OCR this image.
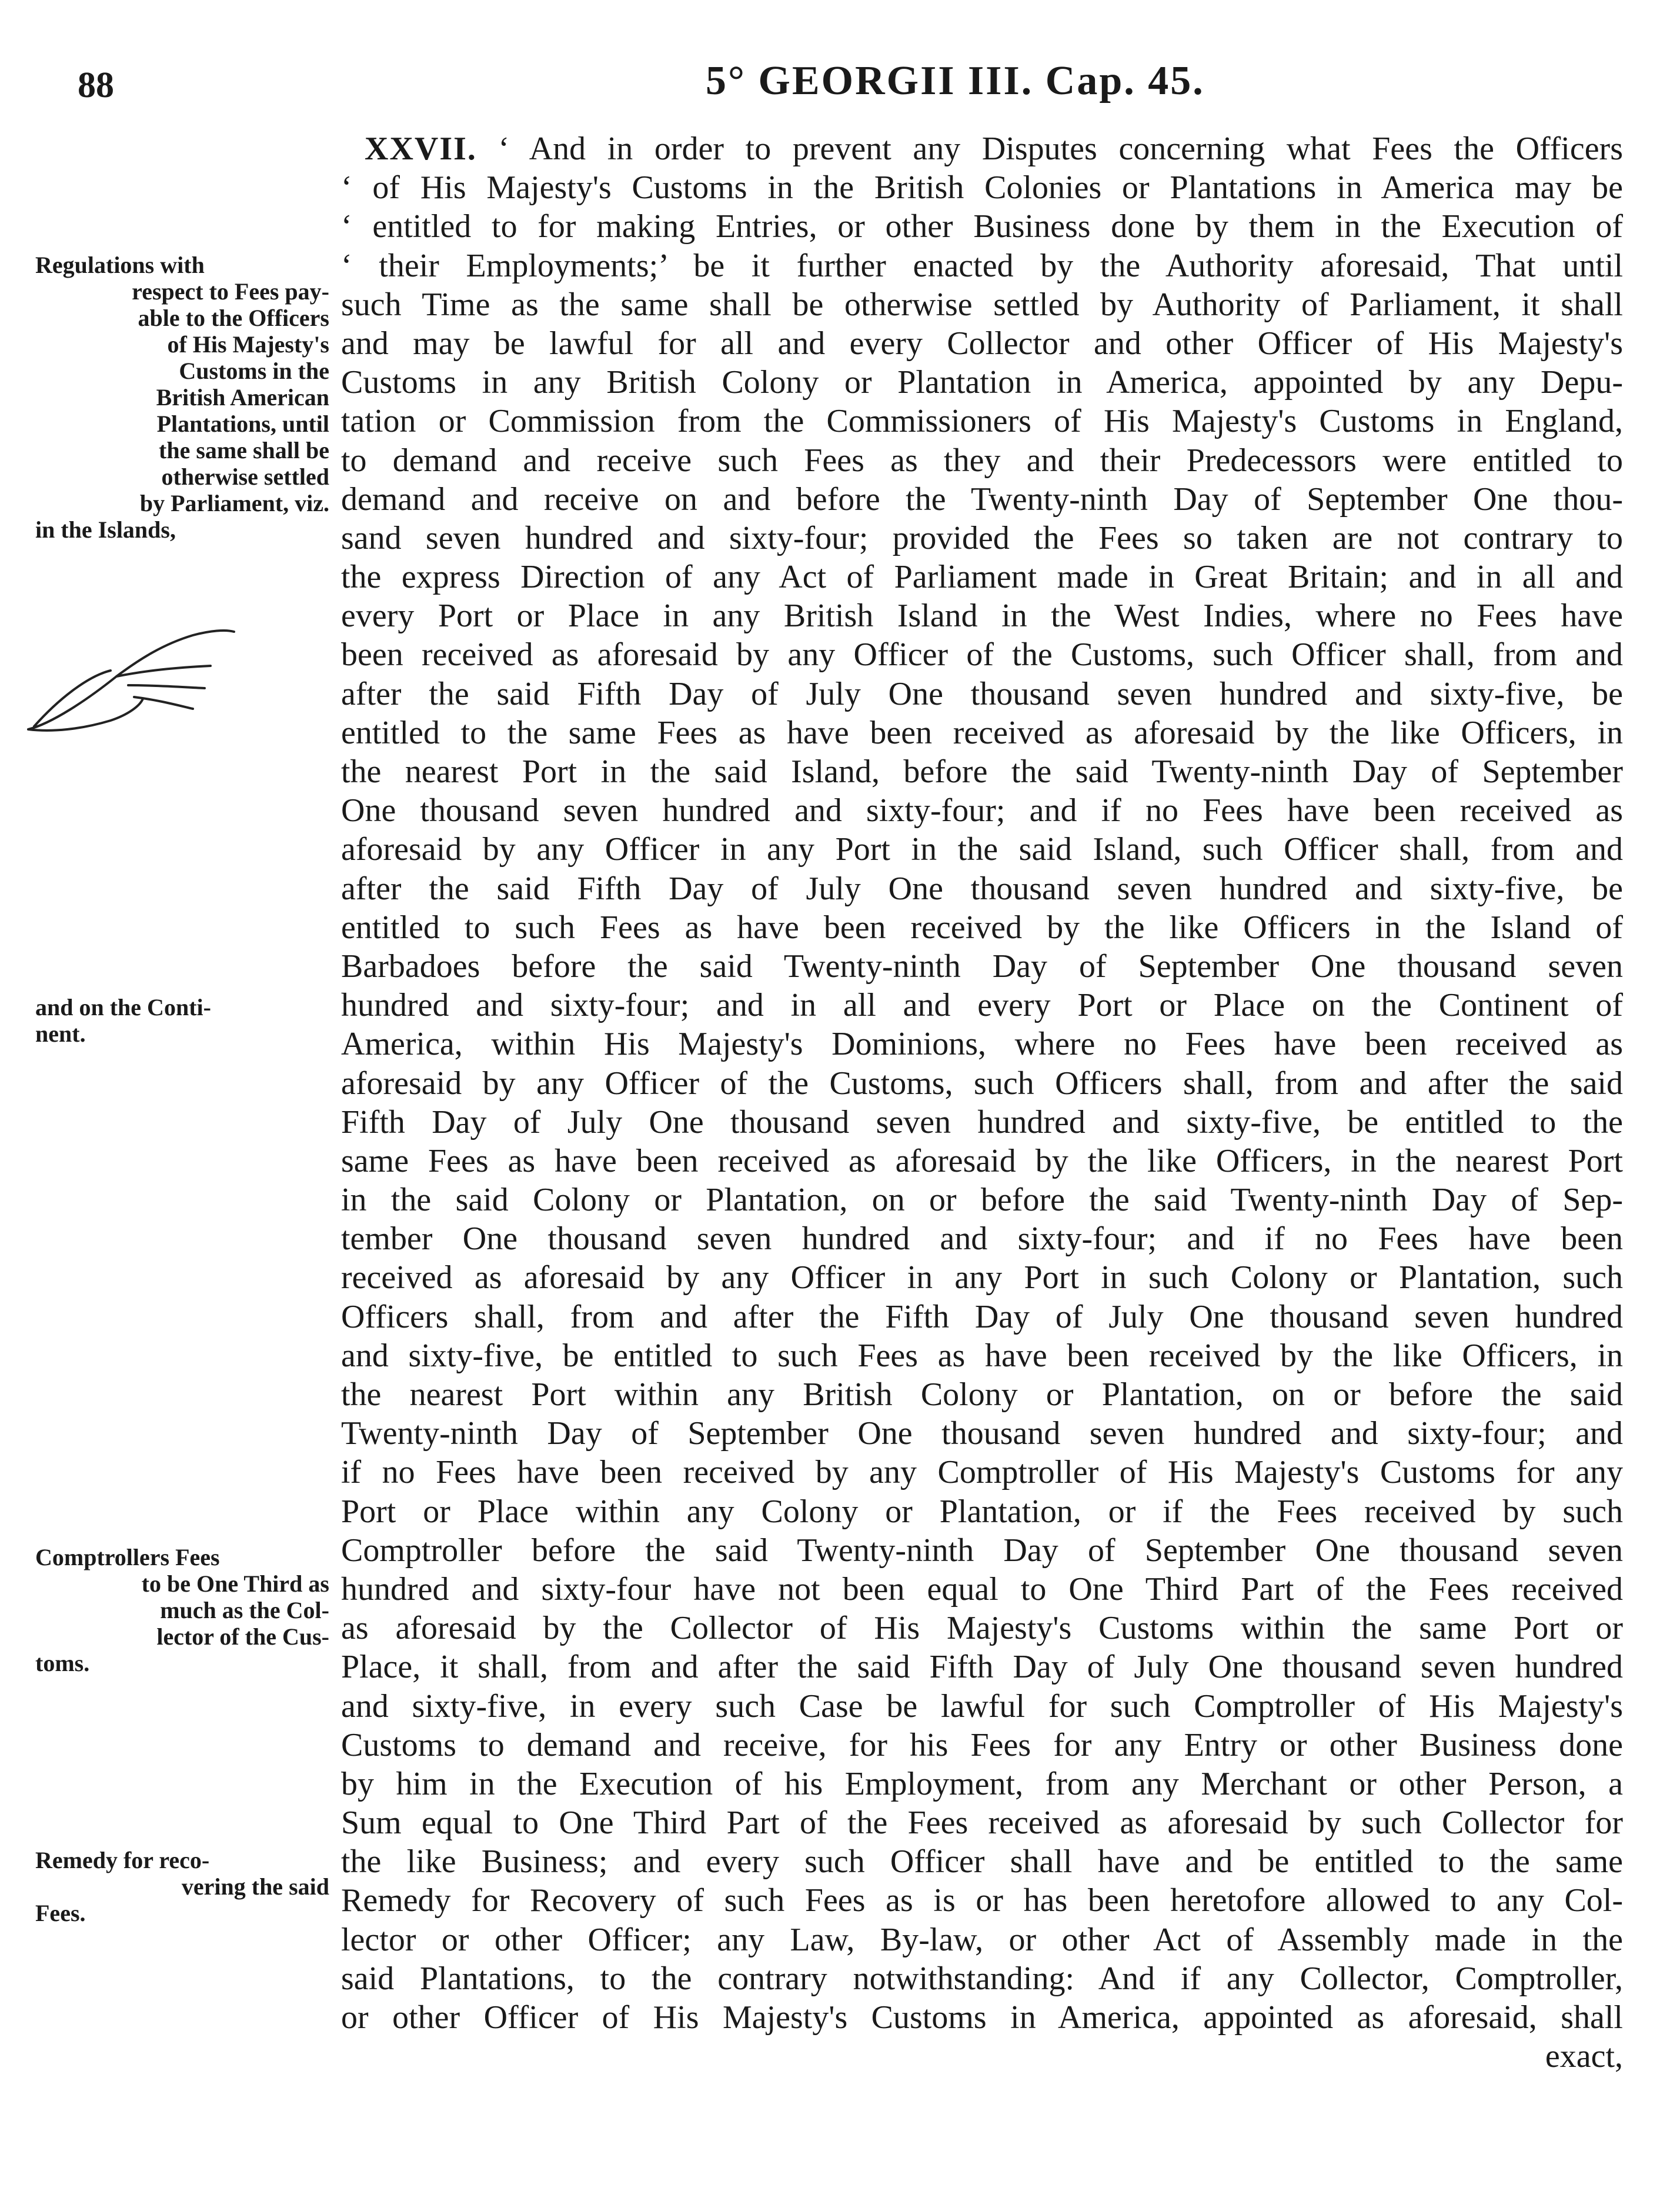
88	5° GEORGII III. Cap. 45.
Regulations with
respect to Fees pay-
able to the Officers
of His Majesty's
Customs in the
British American
Plantations, until
the same shall be
otherwise settled
by Parliament, viz.
in the Islands,
and on the Conti-
nent.
Comptrollers Fees
to be One Third as
much as the Col-
lector of the Cus-
toms.
Remedy for reco-
vering the said
Fees.
XXVII. ‘ And in order to prevent any Disputes concerning what Fees the Officers
‘ of His Majesty's Customs in the British Colonies or Plantations in America may be
‘ entitled to for making Entries, or other Business done by them in the Execution of
‘ their Employments;’ be it further enacted by the Authority aforesaid, That until
such Time as the same shall be otherwise settled by Authority of Parliament, it shall
and may be lawful for all and every Collector and other Officer of His Majesty's
Customs in any British Colony or Plantation in America, appointed by any Depu-
tation or Commission from the Commissioners of His Majesty's Customs in England,
to demand and receive such Fees as they and their Predecessors were entitled to
demand and receive on and before the Twenty-ninth Day of September One thou-
sand seven hundred and sixty-four; provided the Fees so taken are not contrary to
the express Direction of any Act of Parliament made in Great Britain; and in all and
every Port or Place in any British Island in the West Indies, where no Fees have
been received as aforesaid by any Officer of the Customs, such Officer shall, from and
after the said Fifth Day of July One thousand seven hundred and sixty-five, be
entitled to the same Fees as have been received as aforesaid by the like Officers, in
the nearest Port in the said Island, before the said Twenty-ninth Day of September
One thousand seven hundred and sixty-four; and if no Fees have been received as
aforesaid by any Officer in any Port in the said Island, such Officer shall, from and
after the said Fifth Day of July One thousand seven hundred and sixty-five, be
entitled to such Fees as have been received by the like Officers in the Island of
Barbadoes before the said Twenty-ninth Day of September One thousand seven
hundred and sixty-four; and in all and every Port or Place on the Continent of
America, within His Majesty's Dominions, where no Fees have been received as
aforesaid by any Officer of the Customs, such Officers shall, from and after the said
Fifth Day of July One thousand seven hundred and sixty-five, be entitled to the
same Fees as have been received as aforesaid by the like Officers, in the nearest Port
in the said Colony or Plantation, on or before the said Twenty-ninth Day of Sep-
tember One thousand seven hundred and sixty-four; and if no Fees have been
received as aforesaid by any Officer in any Port in such Colony or Plantation, such
Officers shall, from and after the Fifth Day of July One thousand seven hundred
and sixty-five, be entitled to such Fees as have been received by the like Officers, in
the nearest Port within any British Colony or Plantation, on or before the said
Twenty-ninth Day of September One thousand seven hundred and sixty-four; and
if no Fees have been received by any Comptroller of His Majesty's Customs for any
Port or Place within any Colony or Plantation, or if the Fees received by such
Comptroller before the said Twenty-ninth Day of September One thousand seven
hundred and sixty-four have not been equal to One Third Part of the Fees received
as aforesaid by the Collector of His Majesty's Customs within the same Port or
Place, it shall, from and after the said Fifth Day of July One thousand seven hundred
and sixty-five, in every such Case be lawful for such Comptroller of His Majesty's
Customs to demand and receive, for his Fees for any Entry or other Business done
by him in the Execution of his Employment, from any Merchant or other Person, a
Sum equal to One Third Part of the Fees received as aforesaid by such Collector for
the like Business; and every such Officer shall have and be entitled to the same
Remedy for Recovery of such Fees as is or has been heretofore allowed to any Col-
lector or other Officer; any Law, By-law, or other Act of Assembly made in the
said Plantations, to the contrary notwithstanding: And if any Collector, Comptroller,
or other Officer of His Majesty's Customs in America, appointed as aforesaid, shall
exact,
